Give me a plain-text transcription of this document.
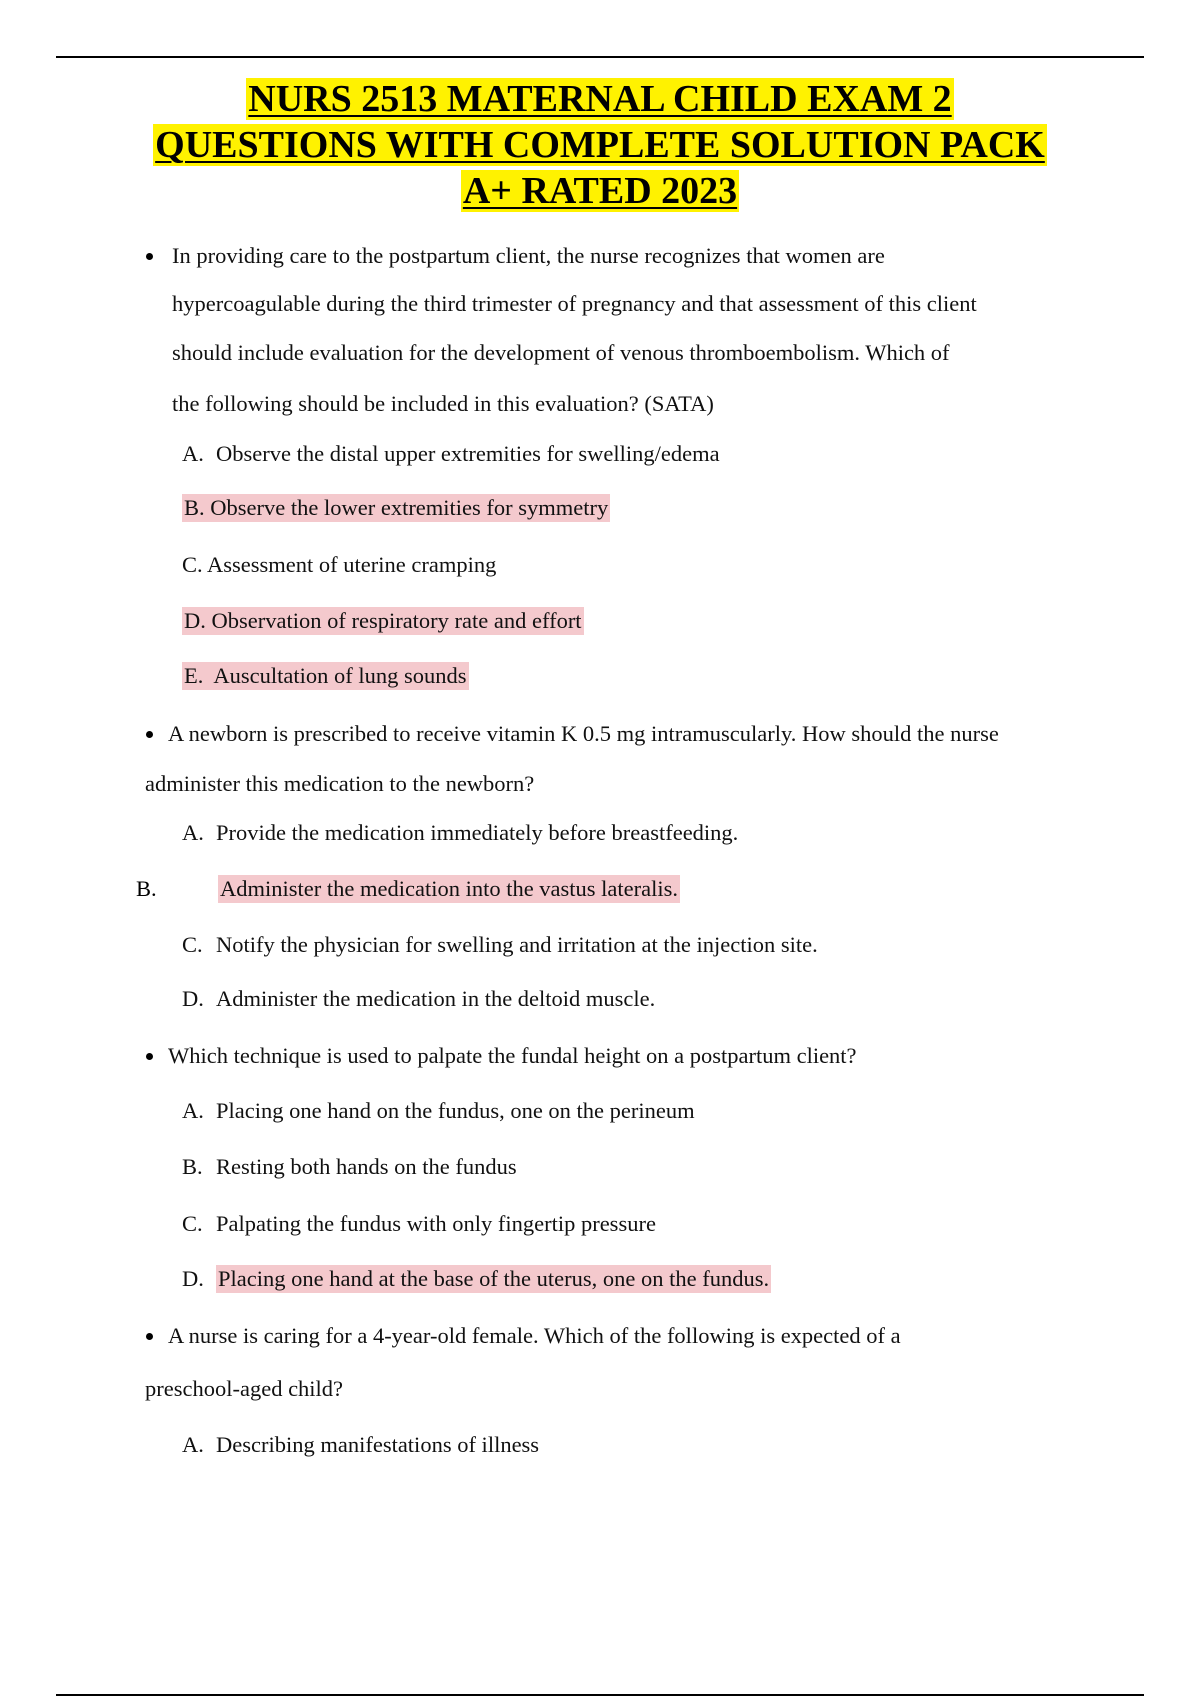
NURS 2513 MATERNAL CHILD EXAM 2
QUESTIONS WITH COMPLETE SOLUTION PACK
A+ RATED 2023
In providing care to the postpartum client, the nurse recognizes that women are
hypercoagulable during the third trimester of pregnancy and that assessment of this client
should include evaluation for the development of venous thromboembolism. Which of
the following should be included in this evaluation? (SATA)
A. Observe the distal upper extremities for swelling/edema
B. Observe the lower extremities for symmetry
C. Assessment of uterine cramping
D. Observation of respiratory rate and effort
E. Auscultation of lung sounds
A newborn is prescribed to receive vitamin K 0.5 mg intramuscularly. How should the nurse
administer this medication to the newborn?
A. Provide the medication immediately before breastfeeding.
B.	Administer the medication into the vastus lateralis.
C. Notify the physician for swelling and irritation at the injection site.
D. Administer the medication in the deltoid muscle.
Which technique is used to palpate the fundal height on a postpartum client?
A. Placing one hand on the fundus, one on the perineum
B. Resting both hands on the fundus
C. Palpating the fundus with only fingertip pressure
D. Placing one hand at the base of the uterus, one on the fundus.
A nurse is caring for a 4-year-old female. Which of the following is expected of a
preschool-aged child?
A. Describing manifestations of illness
